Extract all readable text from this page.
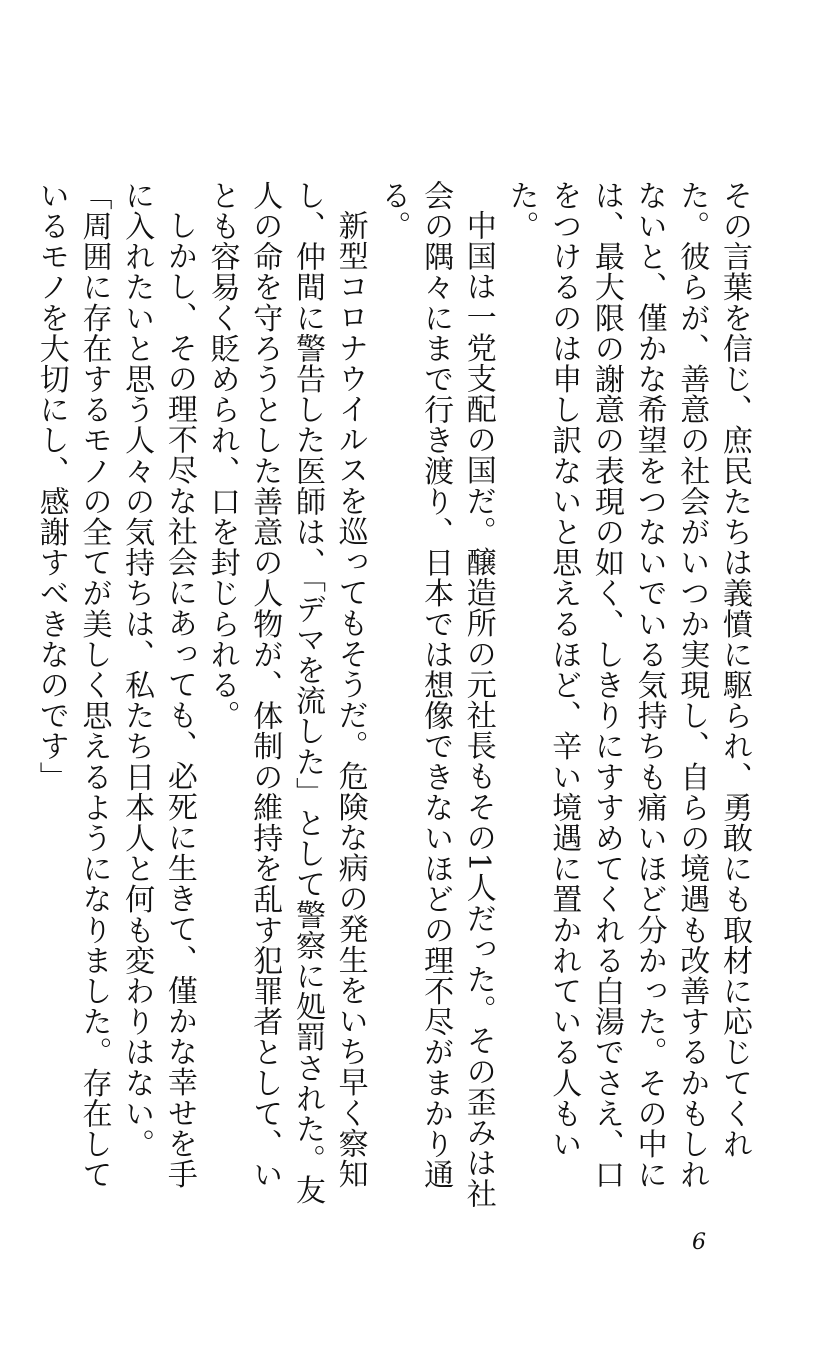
その言葉を信じ、庶民たちは義憤に駆られ、勇敢にも取材に応じてくれた。彼らが、善意の社会がいつか実現し、自らの境遇も改善するかもしれないと、僅かな希望をつないでいる気持ちも痛いほど分かった。その中には、最大限の謝意の表現の如く、しきりにすすめてくれる白湯でさえ、口をつけるのは申し訳ないと思えるほど、辛い境遇に置かれている人もいた。

中国は一党支配の国だ。醸造所の元社長もその1人だった。その歪みは社会の隅々にまで行き渡り、日本では想像できないほどの理不尽がまかり通る。

新型コロナウイルスを巡ってもそうだ。危険な病の発生をいち早く察知し、仲間に警告した医師は、「デマを流した」として警察に処罰された。友人の命を守ろうとした善意の人物が、体制の維持を乱す犯罪者として、いとも容易く貶められ、口を封じられる。

しかし、その理不尽な社会にあっても、必死に生きて、僅かな幸せを手に入れたいと思う人々の気持ちは、私たち日本人と何も変わりはない。

「周囲に存在するモノの全てが美しく思えるようになりました。存在しているモノを大切にし、感謝すべきなのです」

6
